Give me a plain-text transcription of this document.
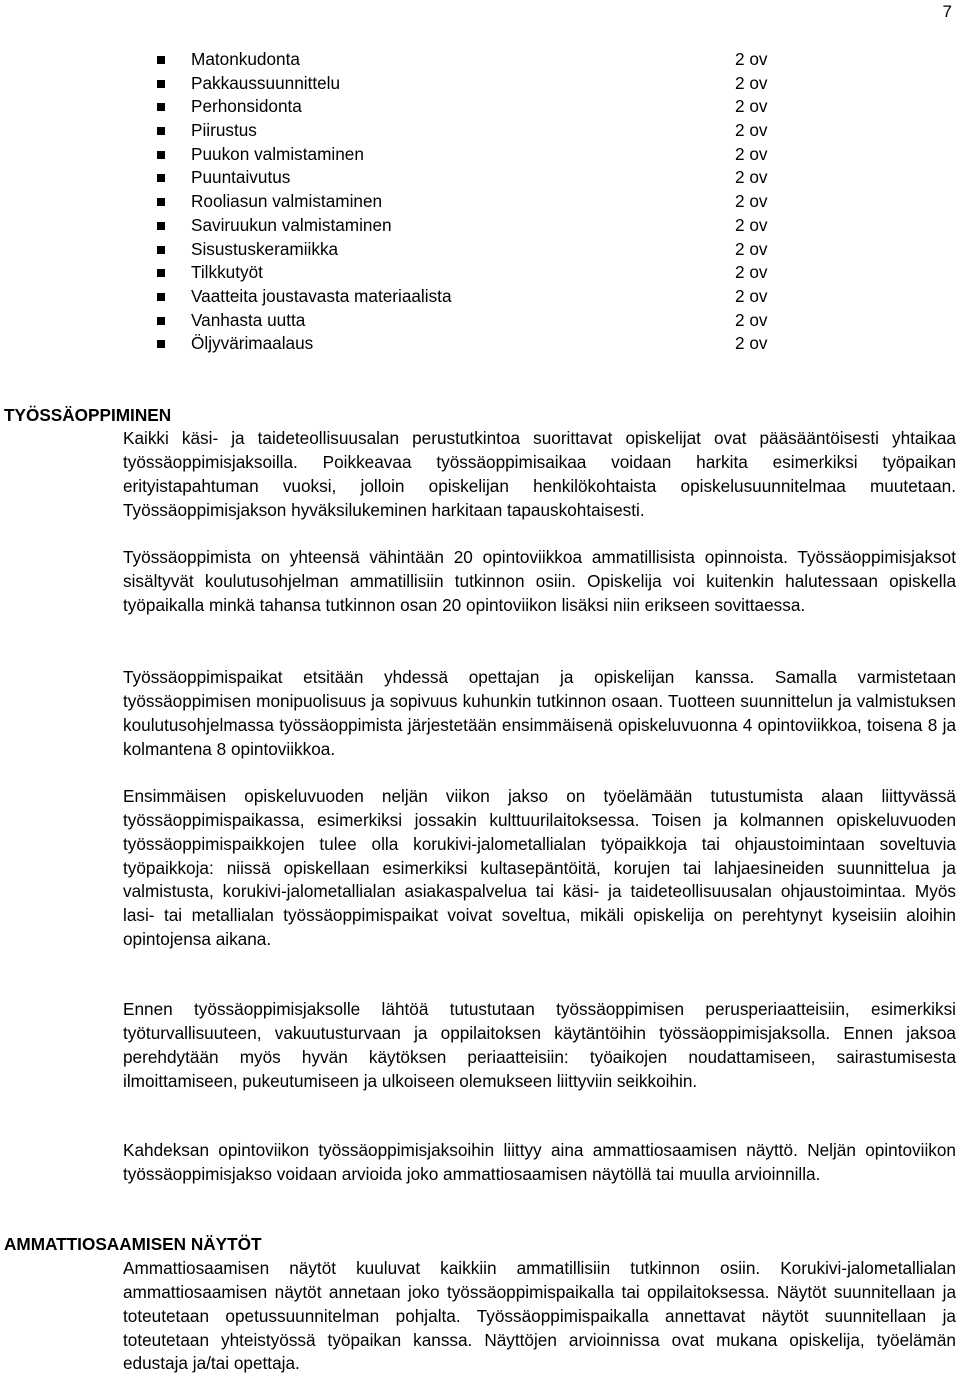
7
Matonkudonta	2 ov
Pakkaussuunnittelu	2 ov
Perhonsidonta	2 ov
Piirustus	2 ov
Puukon valmistaminen	2 ov
Puuntaivutus	2 ov
Rooliasun valmistaminen	2 ov
Saviruukun valmistaminen	2 ov
Sisustuskeramiikka	2 ov
Tilkkutyöt	2 ov
Vaatteita joustavasta materiaalista	2 ov
Vanhasta uutta	2 ov
Öljyvärimaalaus	2 ov
TYÖSSÄOPPIMINEN

Kaikki käsi- ja taideteollisuusalan perustutkintoa suorittavat opiskelijat ovat pääsääntöisesti yhtaikaa työssäoppimisjaksoilla. Poikkeavaa työssäoppimisaikaa voidaan harkita esimerkiksi työpaikan erityistapahtuman vuoksi, jolloin opiskelijan henkilökohtaista opiskelusuunnitelmaa muutetaan. Työssäoppimisjakson hyväksilukeminen harkitaan tapauskohtaisesti.

Työssäoppimista on yhteensä vähintään 20 opintoviikkoa ammatillisista opinnoista. Työssäoppimisjaksot sisältyvät koulutusohjelman ammatillisiin tutkinnon osiin. Opiskelija voi kuitenkin halutessaan opiskella työpaikalla minkä tahansa tutkinnon osan 20 opintoviikon lisäksi niin erikseen sovittaessa.

Työssäoppimispaikat etsitään yhdessä opettajan ja opiskelijan kanssa. Samalla varmistetaan työssäoppimisen monipuolisuus ja sopivuus kuhunkin tutkinnon osaan. Tuotteen suunnittelun ja valmistuksen koulutusohjelmassa työssäoppimista järjestetään ensimmäisenä opiskeluvuonna 4 opintoviikkoa, toisena 8 ja kolmantena 8 opintoviikkoa.

Ensimmäisen opiskeluvuoden neljän viikon jakso on työelämään tutustumista alaan liittyvässä työssäoppimispaikassa, esimerkiksi jossakin kulttuurilaitoksessa. Toisen ja kolmannen opiskeluvuoden työssäoppimispaikkojen tulee olla korukivi-jalometallialan työpaikkoja tai ohjaustoimintaan soveltuvia työpaikkoja: niissä opiskellaan esimerkiksi kultasepäntöitä, korujen tai lahjaesineiden suunnittelua ja valmistusta, korukivi-jalometallialan asiakaspalvelua tai käsi- ja taideteollisuusalan ohjaustoimintaa. Myös lasi- tai metallialan työssäoppimispaikat voivat soveltua, mikäli opiskelija on perehtynyt kyseisiin aloihin opintojensa aikana.

Ennen työssäoppimisjaksolle lähtöä tutustutaan työssäoppimisen perusperiaatteisiin, esimerkiksi työturvallisuuteen, vakuutusturvaan ja oppilaitoksen käytäntöihin työssäoppimisjaksolla. Ennen jaksoa perehdytään myös hyvän käytöksen periaatteisiin: työaikojen noudattamiseen, sairastumisesta ilmoittamiseen, pukeutumiseen ja ulkoiseen olemukseen liittyviin seikkoihin.

Kahdeksan opintoviikon työssäoppimisjaksoihin liittyy aina ammattiosaamisen näyttö. Neljän opintoviikon työssäoppimisjakso voidaan arvioida joko ammattiosaamisen näytöllä tai muulla arvioinnilla.

AMMATTIOSAAMISEN NÄYTÖT

Ammattiosaamisen näytöt kuuluvat kaikkiin ammatillisiin tutkinnon osiin. Korukivi-jalometallialan ammattiosaamisen näytöt annetaan joko työssäoppimispaikalla tai oppilaitoksessa. Näytöt suunnitellaan ja toteutetaan opetussuunnitelman pohjalta. Työssäoppimispaikalla annettavat näytöt suunnitellaan ja toteutetaan yhteistyössä työpaikan kanssa. Näyttöjen arvioinnissa ovat mukana opiskelija, työelämän edustaja ja/tai opettaja.
